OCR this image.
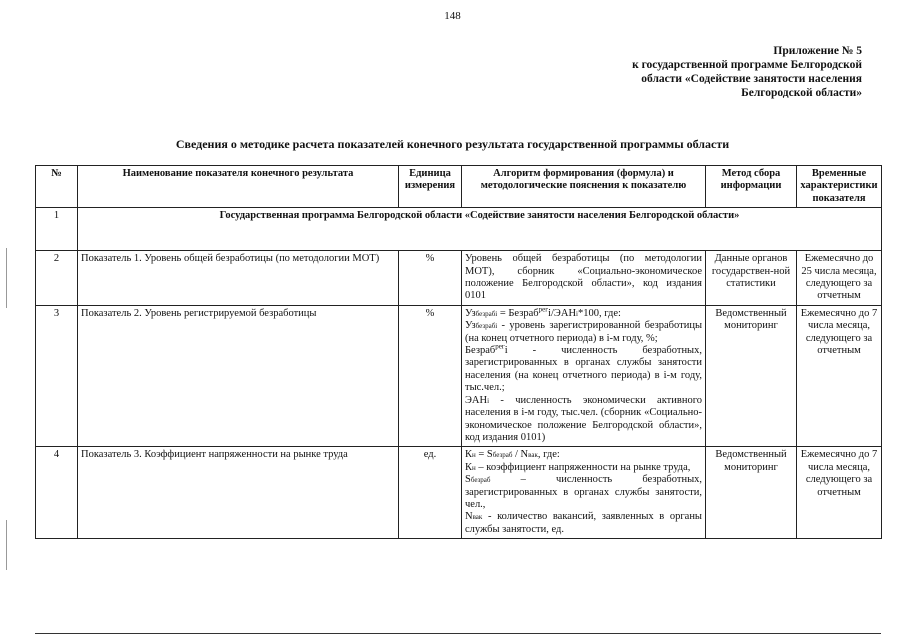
148
Приложение № 5
к государственной программе Белгородской
области «Содействие занятости населения
Белгородской области»
Сведения о методике расчета показателей конечного результата государственной программы области
№	Наименование показателя конечного результата	Единица измерения	Алгоритм формирования (формула) и методологические пояснения к показателю	Метод сбора информации	Временные характеристики показателя
1	Государственная программа Белгородской области «Содействие занятости населения Белгородской области»				
2	Показатель 1. Уровень общей безработицы (по методологии МОТ)	%	Уровень общей безработицы (по методологии МОТ), сборник «Социально-экономическое положение Белгородской области», код издания 0101	Данные органов государствен-ной статистики	Ежемесячно до 25 числа месяца, следующего за отчетным
3	Показатель 2. Уровень регистрируемой безработицы	%	Узбезрабi = Безраб$^{рег}$i/ЭАНi*100, где:
Узбезрабi - уровень зарегистрированной безработицы (на конец отчетного периода) в i-м году, %;
Безраб$^{рег}$i - численность безработных, зарегистрированных в органах службы занятости населения (на конец отчетного периода) в i-м году, тыс.чел.;
ЭАНi - численность экономически активного населения в i-м году, тыс.чел. (сборник «Социально-экономическое положение Белгородской области», код издания 0101)	Ведомственный мониторинг	Ежемесячно до 7 числа месяца, следующего за отчетным
4	Показатель 3. Коэффициент напряженности на рынке труда	ед.	Кн = Sбезраб / Nвак, где:
Кн – коэффициент напряженности на рынке труда,
Sбезраб – численность безработных, зарегистрированных в органах службы занятости, чел.,
Nвак - количество вакансий, заявленных в органы службы занятости, ед.	Ведомственный мониторинг	Ежемесячно до 7 числа месяца, следующего за отчетным
